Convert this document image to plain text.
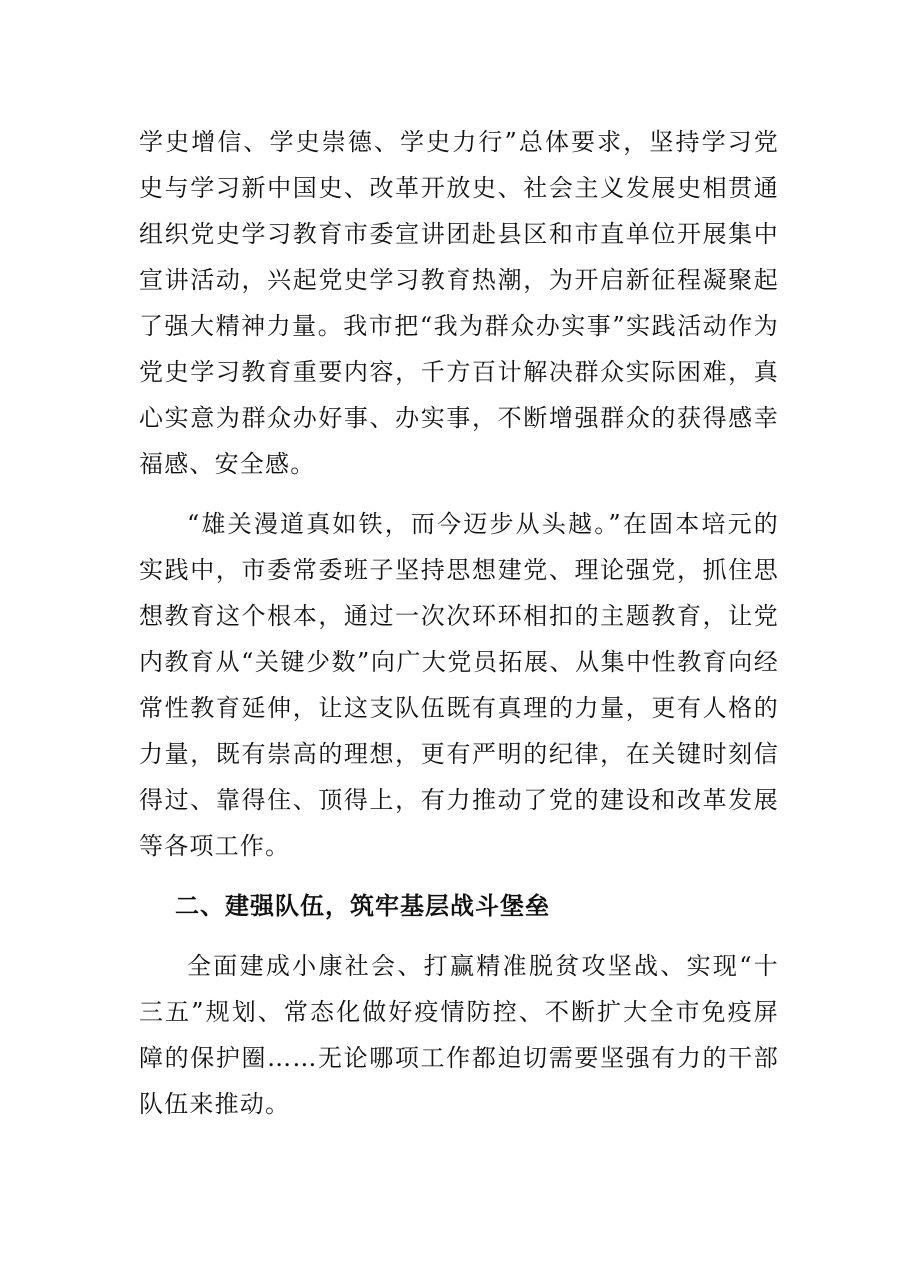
学史增信、学史崇德、学史力行”总体要求，坚持学习党史与学习新中国史、改革开放史、社会主义发展史相贯通组织党史学习教育市委宣讲团赴县区和市直单位开展集中宣讲活动，兴起党史学习教育热潮，为开启新征程凝聚起了强大精神力量。我市把“我为群众办实事”实践活动作为党史学习教育重要内容，千方百计解决群众实际困难，真心实意为群众办好事、办实事，不断增强群众的获得感幸福感、安全感。

“雄关漫道真如铁，而今迈步从头越。”在固本培元的实践中，市委常委班子坚持思想建党、理论强党，抓住思想教育这个根本，通过一次次环环相扣的主题教育，让党内教育从“关键少数”向广大党员拓展、从集中性教育向经常性教育延伸，让这支队伍既有真理的力量，更有人格的力量，既有崇高的理想，更有严明的纪律，在关键时刻信得过、靠得住、顶得上，有力推动了党的建设和改革发展等各项工作。

二、建强队伍，筑牢基层战斗堡垒

全面建成小康社会、打赢精准脱贫攻坚战、实现“十三五”规划、常态化做好疫情防控、不断扩大全市免疫屏障的保护圈……无论哪项工作都迫切需要坚强有力的干部队伍来推动。
